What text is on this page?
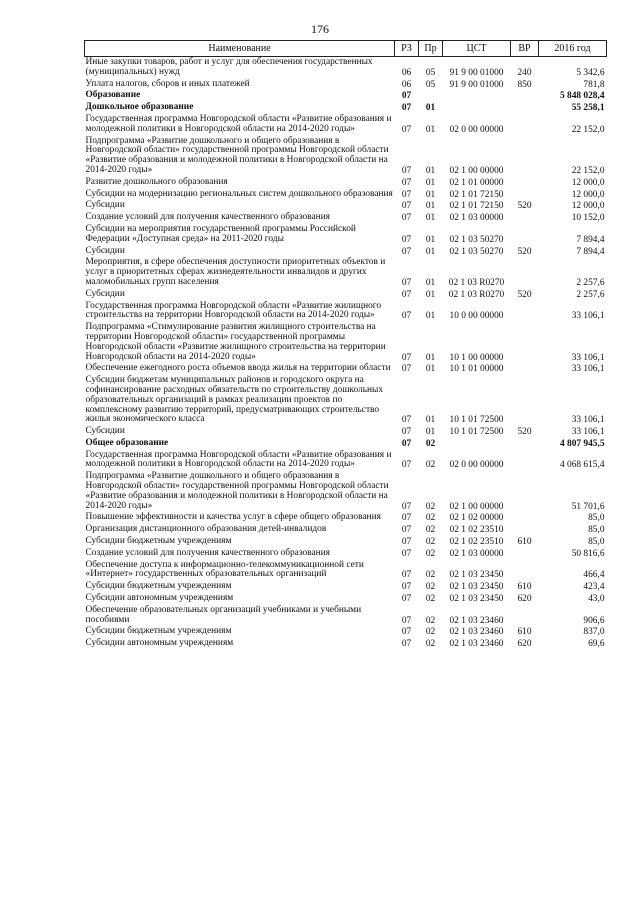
176
Наименование	РЗ	Пр	ЦСТ	ВР	2016 год
Иные закупки товаров, работ и услуг для обеспечения государственных (муниципальных) нужд	06	05	91 9 00 01000	240	5 342,6
Уплата налогов, сборов и иных платежей	06	05	91 9 00 01000	850	781,8
Образование	07				5 848 028,4
Дошкольное образование	07	01			55 258,1
Государственная программа Новгородской области «Развитие образования и молодежной политики в Новгородской области на 2014-2020 годы»	07	01	02 0 00 00000		22 152,0
Подпрограмма «Развитие дошкольного и общего образования в Новгородской области» государственной программы Новгородской области «Развитие образования и молодежной политики в Новгородской области на 2014-2020 годы»	07	01	02 1 00 00000		22 152,0
Развитие дошкольного образования	07	01	02 1 01 00000		12 000,0
Субсидии на модернизацию региональных систем дошкольного образования	07	01	02 1 01 72150		12 000,0
Субсидии	07	01	02 1 01 72150	520	12 000,0
Создание условий для получения качественного образования	07	01	02 1 03 00000		10 152,0
Субсидии на мероприятия государственной программы Российской Федерации «Доступная среда» на 2011-2020 годы	07	01	02 1 03 50270		7 894,4
Субсидии	07	01	02 1 03 50270	520	7 894,4
Мероприятия, в сфере обеспечения доступности приоритетных объектов и услуг в приоритетных сферах жизнедеятельности инвалидов и других маломобильных групп населения	07	01	02 1 03 R0270		2 257,6
Субсидии	07	01	02 1 03 R0270	520	2 257,6
Государственная программа Новгородской области «Развитие жилищного строительства на территории Новгородской области на 2014-2020 годы»	07	01	10 0 00 00000		33 106,1
Подпрограмма «Стимулирование развития жилищного строительства на территории Новгородской области» государственной программы Новгородской области «Развитие жилищного строительства на территории Новгородской области на 2014-2020 годы»	07	01	10 1 00 00000		33 106,1
Обеспечение ежегодного роста объемов ввода жилья на территории области	07	01	10 1 01 00000		33 106,1
Субсидии бюджетам муниципальных районов и городского округа на софинансирование расходных обязательств по строительству дошкольных образовательных организаций в рамках реализации проектов по комплексному развитию территорий, предусматривающих строительство жилья экономического класса	07	01	10 1 01 72500		33 106,1
Субсидии	07	01	10 1 01 72500	520	33 106,1
Общее образование	07	02			4 807 945,5
Государственная программа Новгородской области «Развитие образования и молодежной политики в Новгородской области на 2014-2020 годы»	07	02	02 0 00 00000		4 068 615,4
Подпрограмма «Развитие дошкольного и общего образования в Новгородской области» государственной программы Новгородской области «Развитие образования и молодежной политики в Новгородской области на 2014-2020 годы»	07	02	02 1 00 00000		51 701,6
Повышение эффективности и качества услуг в сфере общего образования	07	02	02 1 02 00000		85,0
Организация дистанционного образования детей-инвалидов	07	02	02 1 02 23510		85,0
Субсидии бюджетным учреждениям	07	02	02 1 02 23510	610	85,0
Создание условий для получения качественного образования	07	02	02 1 03 00000		50 816,6
Обеспечение доступа к информационно-телекоммуникационной сети «Интернет» государственных образовательных организаций	07	02	02 1 03 23450		466,4
Субсидии бюджетным учреждениям	07	02	02 1 03 23450	610	423,4
Субсидии автономным учреждениям	07	02	02 1 03 23450	620	43,0
Обеспечение образовательных организаций учебниками и учебными пособиями	07	02	02 1 03 23460		906,6
Субсидии бюджетным учреждениям	07	02	02 1 03 23460	610	837,0
Субсидии автономным учреждениям	07	02	02 1 03 23460	620	69,6
